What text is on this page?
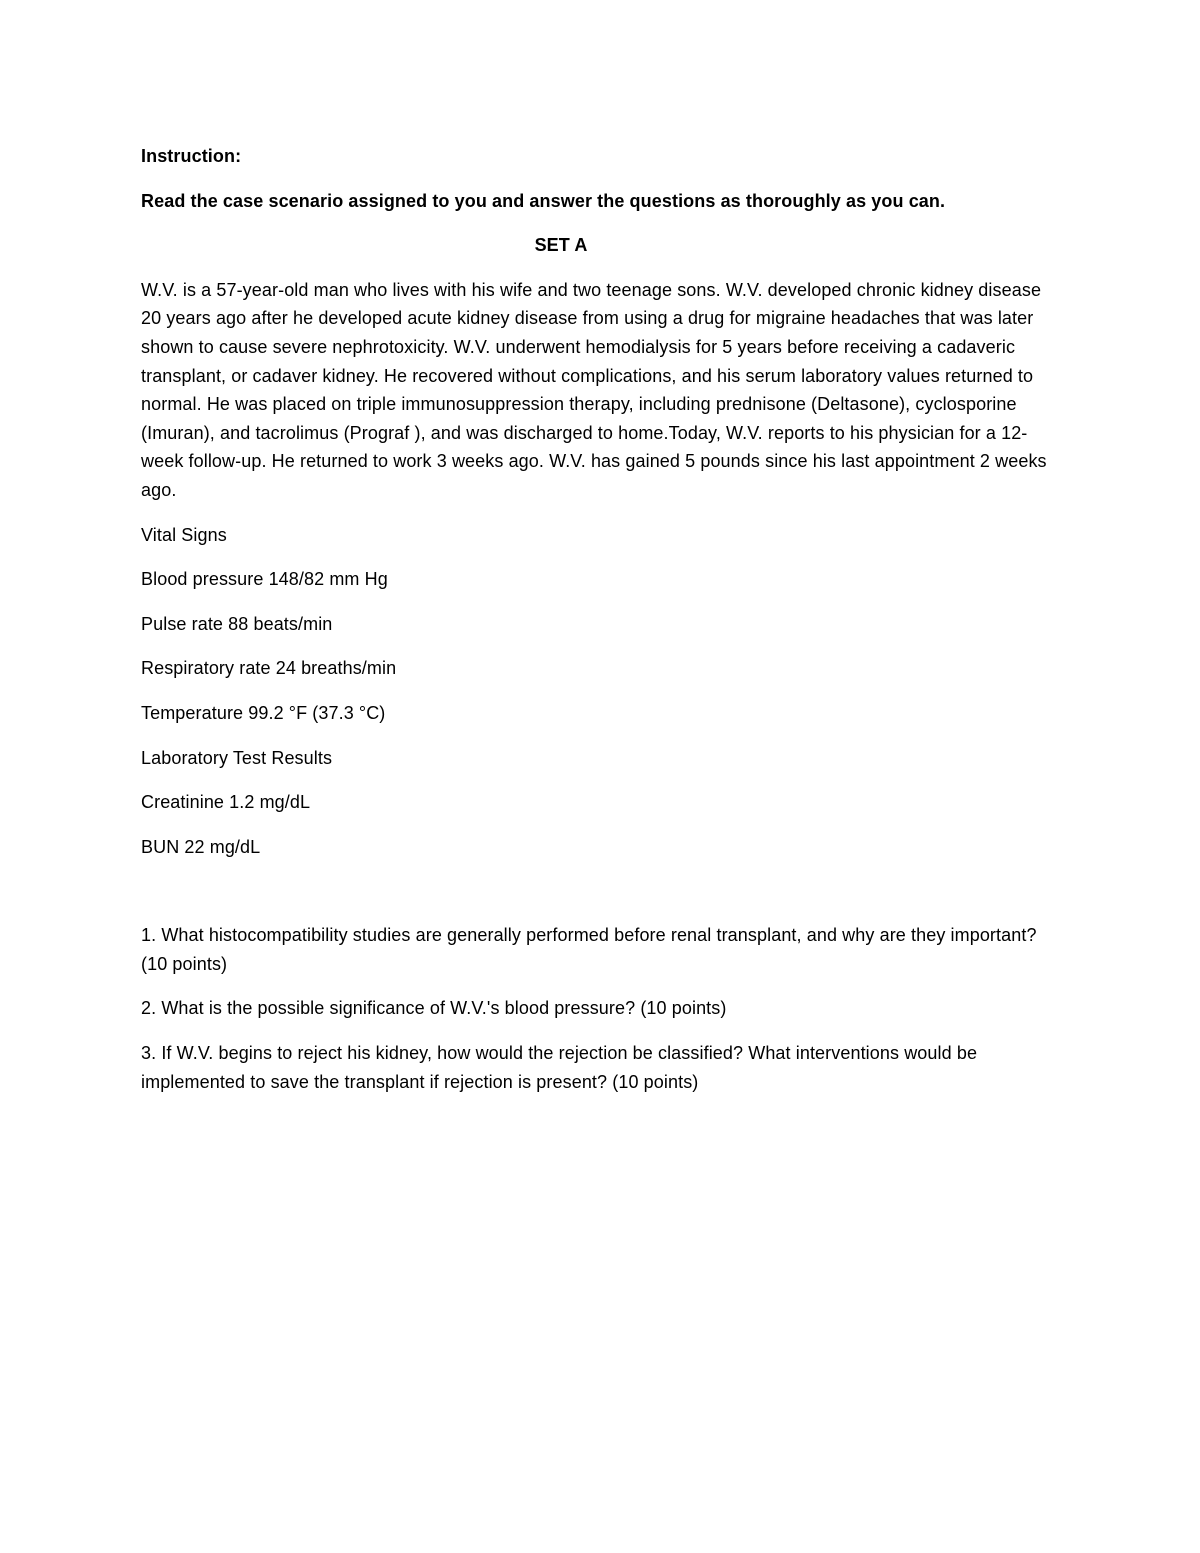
Instruction:

Read the case scenario assigned to you and answer the questions as thoroughly as you can.

SET A

W.V. is a 57-year-old man who lives with his wife and two teenage sons. W.V. developed chronic kidney disease 20 years ago after he developed acute kidney disease from using a drug for migraine headaches that was later shown to cause severe nephrotoxicity. W.V. underwent hemodialysis for 5 years before receiving a cadaveric transplant, or cadaver kidney. He recovered without complications, and his serum laboratory values returned to normal. He was placed on triple immunosuppression therapy, including prednisone (Deltasone), cyclosporine (Imuran), and tacrolimus (Prograf ), and was discharged to home.Today, W.V. reports to his physician for a 12-week follow-up. He returned to work 3 weeks ago. W.V. has gained 5 pounds since his last appointment 2 weeks ago.

Vital Signs

Blood pressure 148/82 mm Hg

Pulse rate 88 beats/min

Respiratory rate 24 breaths/min

Temperature 99.2 °F (37.3 °C)

Laboratory Test Results

Creatinine 1.2 mg/dL

BUN 22 mg/dL

1. What histocompatibility studies are generally performed before renal transplant, and why are they important? (10 points)

2. What is the possible significance of W.V.'s blood pressure? (10 points)

3. If W.V. begins to reject his kidney, how would the rejection be classified? What interventions would be implemented to save the transplant if rejection is present? (10 points)
